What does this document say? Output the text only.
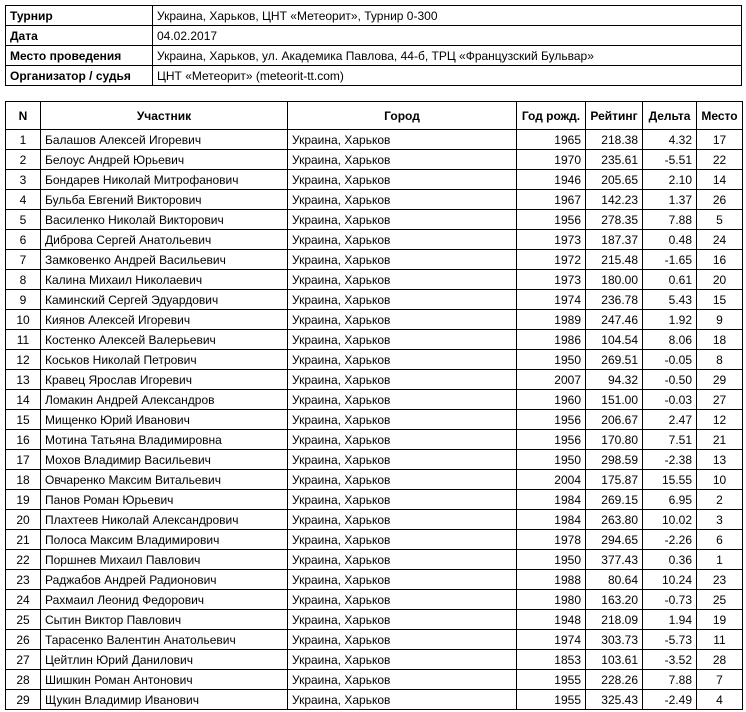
Турнир	Украина, Харьков, ЦНТ «Метеорит», Турнир 0-300
Дата	04.02.2017
Место проведения	Украина, Харьков, ул. Академика Павлова, 44-б, ТРЦ «Французский Бульвар»
Организатор / судья	ЦНТ «Метеорит» (meteorit-tt.com)
N	Участник	Город	Год рожд.	Рейтинг	Дельта	Место
1	Балашов Алексей Игоревич	Украина, Харьков	1965	218.38	4.32	17
2	Белоус Андрей Юрьевич	Украина, Харьков	1970	235.61	-5.51	22
3	Бондарев Николай Митрофанович	Украина, Харьков	1946	205.65	2.10	14
4	Бульба Евгений Викторович	Украина, Харьков	1967	142.23	1.37	26
5	Василенко Николай Викторович	Украина, Харьков	1956	278.35	7.88	5
6	Диброва Сергей Анатольевич	Украина, Харьков	1973	187.37	0.48	24
7	Замковенко Андрей Васильевич	Украина, Харьков	1972	215.48	-1.65	16
8	Калина Михаил Николаевич	Украина, Харьков	1973	180.00	0.61	20
9	Каминский Сергей Эдуардович	Украина, Харьков	1974	236.78	5.43	15
10	Киянов Алексей Игоревич	Украина, Харьков	1989	247.46	1.92	9
11	Костенко Алексей Валерьевич	Украина, Харьков	1986	104.54	8.06	18
12	Коськов Николай Петрович	Украина, Харьков	1950	269.51	-0.05	8
13	Кравец Ярослав Игоревич	Украина, Харьков	2007	94.32	-0.50	29
14	Ломакин Андрей Александров	Украина, Харьков	1960	151.00	-0.03	27
15	Мищенко Юрий Иванович	Украина, Харьков	1956	206.67	2.47	12
16	Мотина Татьяна Владимировна	Украина, Харьков	1956	170.80	7.51	21
17	Мохов Владимир Васильевич	Украина, Харьков	1950	298.59	-2.38	13
18	Овчаренко Максим Витальевич	Украина, Харьков	2004	175.87	15.55	10
19	Панов Роман Юрьевич	Украина, Харьков	1984	269.15	6.95	2
20	Плахтеев Николай Александрович	Украина, Харьков	1984	263.80	10.02	3
21	Полоса Максим Владимирович	Украина, Харьков	1978	294.65	-2.26	6
22	Поршнев Михаил Павлович	Украина, Харьков	1950	377.43	0.36	1
23	Раджабов Андрей Радионович	Украина, Харьков	1988	80.64	10.24	23
24	Рахмаил Леонид Федорович	Украина, Харьков	1980	163.20	-0.73	25
25	Сытин Виктор Павлович	Украина, Харьков	1948	218.09	1.94	19
26	Тарасенко Валентин Анатольевич	Украина, Харьков	1974	303.73	-5.73	11
27	Цейтлин Юрий Данилович	Украина, Харьков	1853	103.61	-3.52	28
28	Шишкин Роман Антонович	Украина, Харьков	1955	228.26	7.88	7
29	Щукин Владимир Иванович	Украина, Харьков	1955	325.43	-2.49	4
